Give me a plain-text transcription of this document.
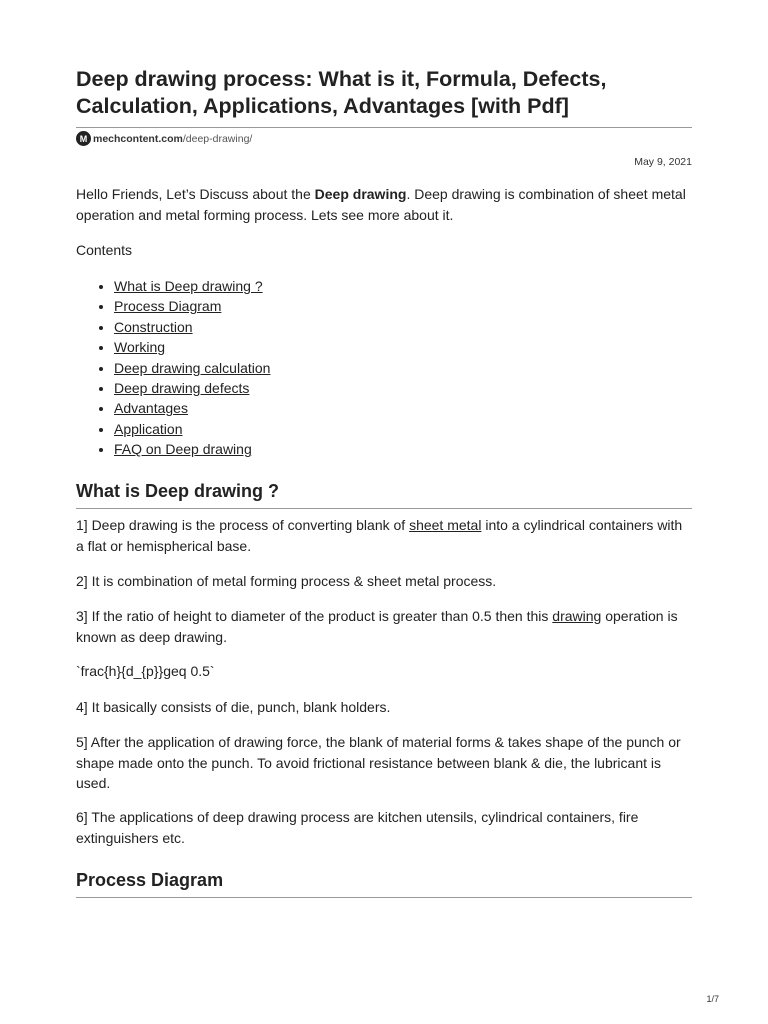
Deep drawing process: What is it, Formula, Defects, Calculation, Applications, Advantages [with Pdf]
M mechcontent.com /deep-drawing/
May 9, 2021

Hello Friends, Let’s Discuss about the Deep drawing. Deep drawing is combination of sheet metal operation and metal forming process. Lets see more about it.

Contents

• What is Deep drawing ?
• Process Diagram
• Construction
• Working
• Deep drawing calculation
• Deep drawing defects
• Advantages
• Application
• FAQ on Deep drawing
What is Deep drawing ?

1] Deep drawing is the process of converting blank of sheet metal into a cylindrical containers with a flat or hemispherical base.

2] It is combination of metal forming process & sheet metal process.

3] If the ratio of height to diameter of the product is greater than 0.5 then this drawing operation is known as deep drawing.

`frac{h}{d_{p}}geq 0.5`

4] It basically consists of die, punch, blank holders.

5] After the application of drawing force, the blank of material forms & takes shape of the punch or shape made onto the punch. To avoid frictional resistance between blank & die, the lubricant is used.

6] The applications of deep drawing process are kitchen utensils, cylindrical containers, fire extinguishers etc.

Process Diagram
1/7
